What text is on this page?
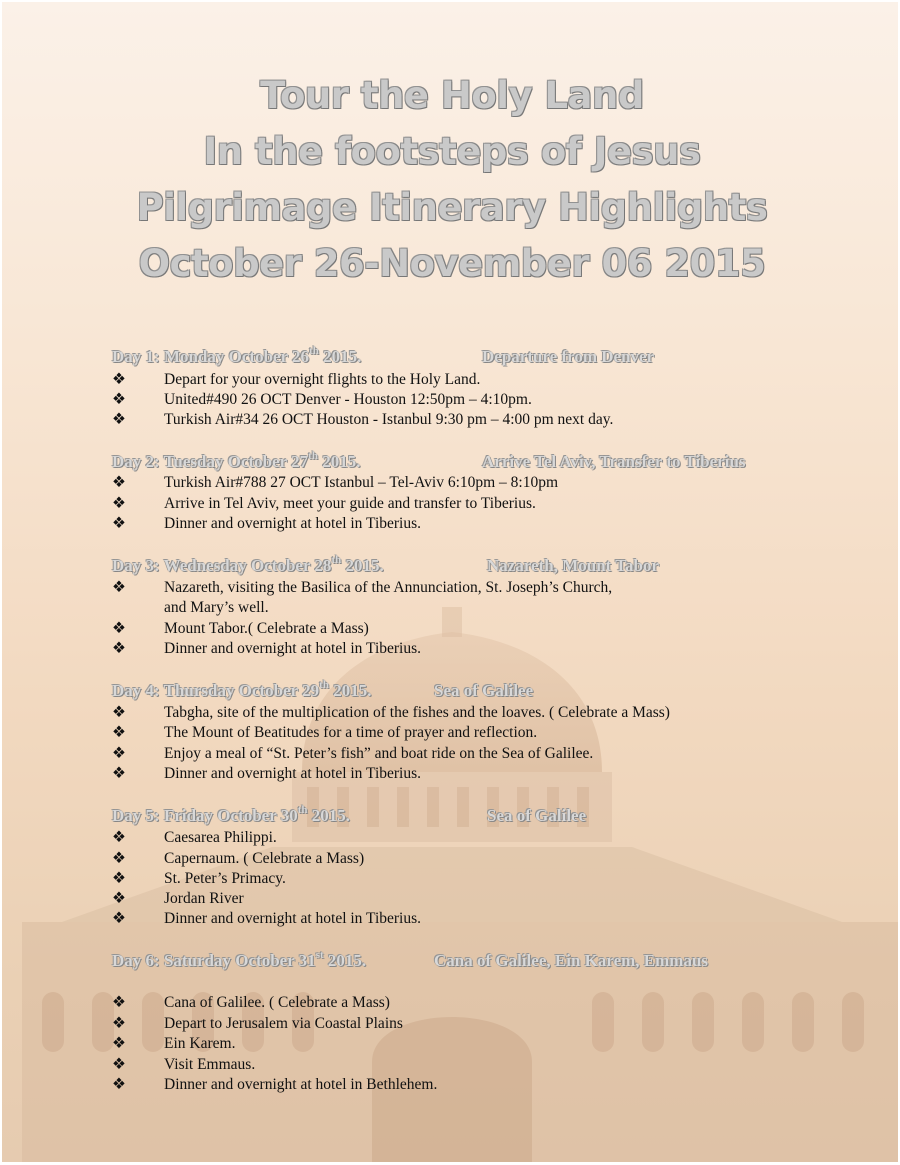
Tour the Holy Land
In the footsteps of Jesus
Pilgrimage Itinerary Highlights
October 26-November 06 2015
Day 1: Monday October 26th 2015.	Departure from Denver
❖	Depart for your overnight flights to the Holy Land.
❖	United#490 26 OCT Denver - Houston 12:50pm – 4:10pm.
❖	Turkish Air#34 26 OCT Houston - Istanbul 9:30 pm – 4:00 pm next day.
Day 2: Tuesday October 27th 2015.	Arrive Tel Aviv, Transfer to Tiberius
❖	Turkish Air#788 27 OCT Istanbul – Tel-Aviv 6:10pm – 8:10pm
❖	Arrive in Tel Aviv, meet your guide and transfer to Tiberius.
❖	Dinner and overnight at hotel in Tiberius.
Day 3: Wednesday October 28th 2015.	Nazareth, Mount Tabor
❖	Nazareth, visiting the Basilica of the Annunciation, St. Joseph’s Church,
and Mary’s well.
❖	Mount Tabor.( Celebrate a Mass)
❖	Dinner and overnight at hotel in Tiberius.
Day 4: Thursday October 29th 2015.	Sea of Galilee
❖	Tabgha, site of the multiplication of the fishes and the loaves. ( Celebrate a Mass)
❖	The Mount of Beatitudes for a time of prayer and reflection.
❖	Enjoy a meal of “St. Peter’s fish” and boat ride on the Sea of Galilee.
❖	Dinner and overnight at hotel in Tiberius.
Day 5: Friday October 30th 2015.	Sea of Galilee
❖	Caesarea Philippi.
❖	Capernaum. ( Celebrate a Mass)
❖	St. Peter’s Primacy.
❖	Jordan River
❖	Dinner and overnight at hotel in Tiberius.
Day 6: Saturday October 31st 2015.	Cana of Galilee, Ein Karem, Emmaus
❖	Cana of Galilee. ( Celebrate a Mass)
❖	Depart to Jerusalem via Coastal Plains
❖	Ein Karem.
❖	Visit Emmaus.
❖	Dinner and overnight at hotel in Bethlehem.
